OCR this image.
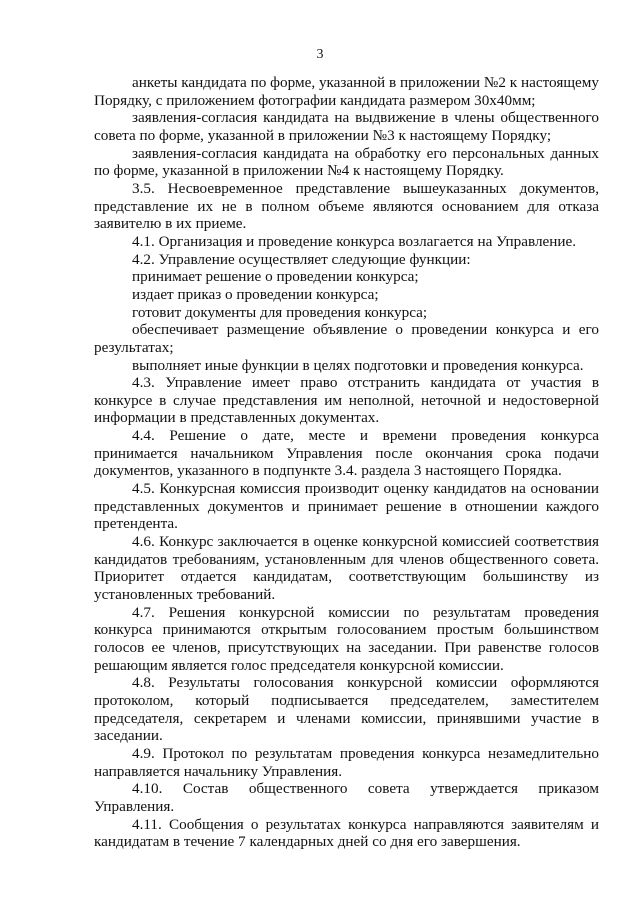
3

анкеты кандидата по форме, указанной в приложении №2 к настоящему Порядку, с приложением фотографии кандидата размером 30х40мм;

заявления-согласия кандидата на выдвижение в члены общественного совета по форме, указанной в приложении №3 к настоящему Порядку;

заявления-согласия кандидата на обработку его персональных данных по форме, указанной в приложении №4 к настоящему Порядку.

3.5. Несвоевременное представление вышеуказанных документов, представление их не в полном объеме являются основанием для отказа заявителю в их приеме.

4.1. Организация и проведение конкурса возлагается на Управление.

4.2. Управление осуществляет следующие функции:

принимает решение о проведении конкурса;

издает приказ о проведении конкурса;

готовит документы для проведения конкурса;

обеспечивает размещение объявление о проведении конкурса и его результатах;

выполняет иные функции в целях подготовки и проведения конкурса.

4.3. Управление имеет право отстранить кандидата от участия в конкурсе в случае представления им неполной, неточной и недостоверной информации в представленных документах.

4.4. Решение о дате, месте и времени проведения конкурса принимается начальником Управления после окончания срока подачи документов, указанного в подпункте 3.4. раздела 3 настоящего Порядка.

4.5. Конкурсная комиссия производит оценку кандидатов на основании представленных документов и принимает решение в отношении каждого претендента.

4.6. Конкурс заключается в оценке конкурсной комиссией соответствия кандидатов требованиям, установленным для членов общественного совета. Приоритет отдается кандидатам, соответствующим большинству из установленных требований.

4.7. Решения конкурсной комиссии по результатам проведения конкурса принимаются открытым голосованием простым большинством голосов ее членов, присутствующих на заседании. При равенстве голосов решающим является голос председателя конкурсной комиссии.

4.8. Результаты голосования конкурсной комиссии оформляются протоколом, который подписывается председателем, заместителем председателя, секретарем и членами комиссии, принявшими участие в заседании.

4.9. Протокол по результатам проведения конкурса незамедлительно направляется начальнику Управления.

4.10. Состав общественного совета утверждается приказом Управления.

4.11. Сообщения о результатах конкурса направляются заявителям и кандидатам в течение 7 календарных дней со дня его завершения.
